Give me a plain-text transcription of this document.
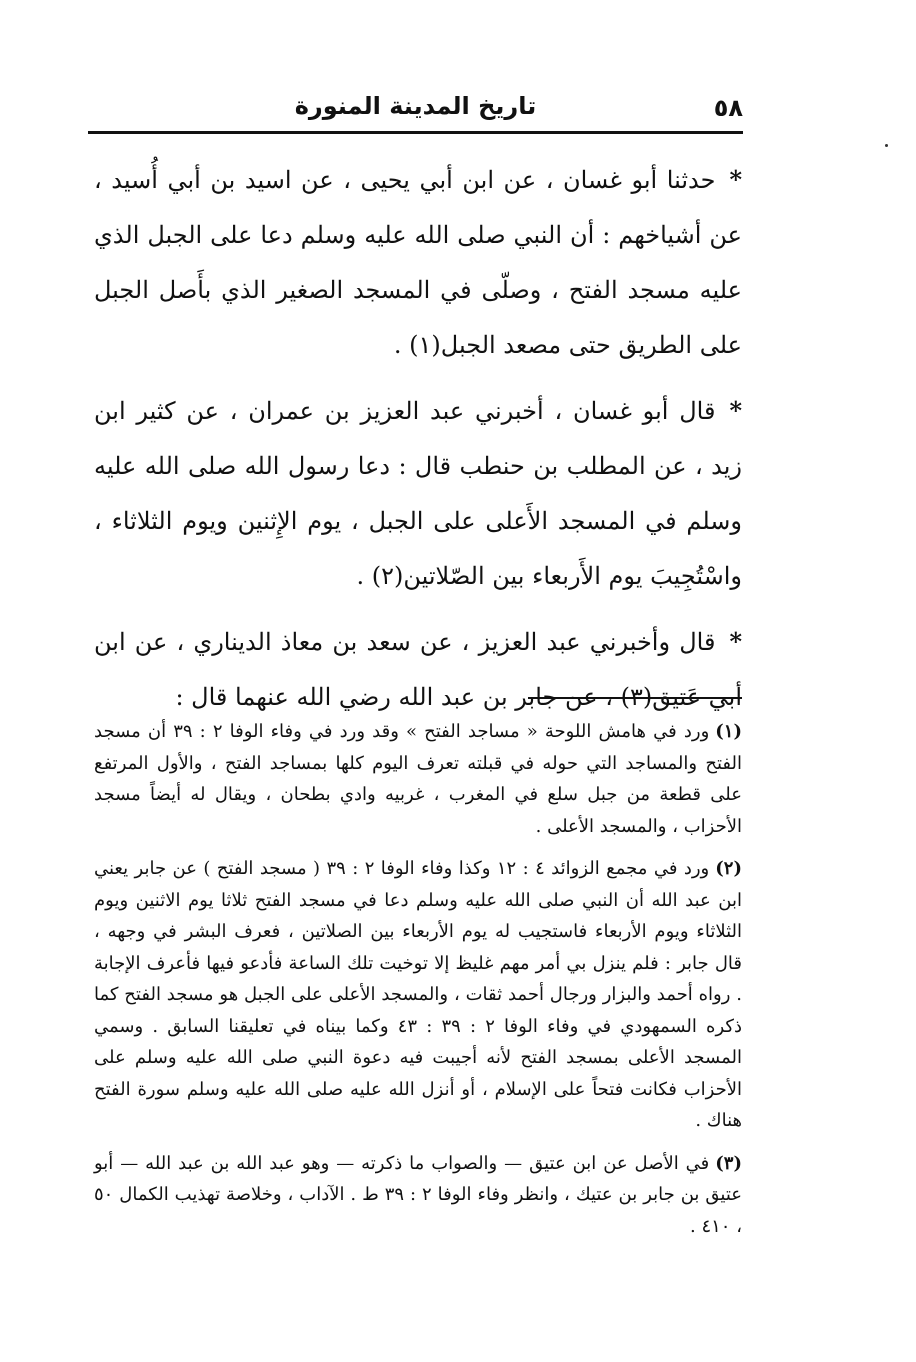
٥٨
تاريخ المدينة المنورة

*حدثنا أبو غسان ، عن ابن أبي يحيى ، عن اسيد بن أبي أُسيد ، عن أشياخهم : أن النبي صلى الله عليه وسلم دعا على الجبل الذي عليه مسجد الفتح ، وصلّى في المسجد الصغير الذي بأَصل الجبل على الطريق حتى مصعد الجبل(١) .

*قال أبو غسان ، أخبرني عبد العزيز بن عمران ، عن كثير ابن زيد ، عن المطلب بن حنطب قال : دعا رسول الله صلى الله عليه وسلم في المسجد الأَعلى على الجبل ، يوم الإِثنين ويوم الثلاثاء ، واسْتُجِيبَ يوم الأَربعاء بين الصّلاتين(٢) .

*قال وأخبرني عبد العزيز ، عن سعد بن معاذ الديناري ، عن ابن أبي عَتيق(٣) ، عن جابر بن عبد الله رضي الله عنهما قال :

(١)ورد في هامش اللوحة « مساجد الفتح » وقد ورد في وفاء الوفا ٢ : ٣٩ أن مسجد الفتح والمساجد التي حوله في قبلته تعرف اليوم كلها بمساجد الفتح ، والأول المرتفع على قطعة من جبل سلع في المغرب ، غربيه وادي بطحان ، ويقال له أيضاً مسجد الأحزاب ، والمسجد الأعلى .

(٢)ورد في مجمع الزوائد ٤ : ١٢ وكذا وفاء الوفا ٢ : ٣٩ ( مسجد الفتح ) عن جابر يعني ابن عبد الله أن النبي صلى الله عليه وسلم دعا في مسجد الفتح ثلاثا يوم الاثنين ويوم الثلاثاء ويوم الأربعاء فاستجيب له يوم الأربعاء بين الصلاتين ، فعرف البشر في وجهه ، قال جابر : فلم ينزل بي أمر مهم غليظ إلا توخيت تلك الساعة فأدعو فيها فأعرف الإجابة . رواه أحمد والبزار ورجال أحمد ثقات ، والمسجد الأعلى على الجبل هو مسجد الفتح كما ذكره السمهودي في وفاء الوفا ٢ : ٣٩ : ٤٣ وكما بيناه في تعليقنا السابق . وسمي المسجد الأعلى بمسجد الفتح لأنه أجيبت فيه دعوة النبي صلى الله عليه وسلم على الأحزاب فكانت فتحاً على الإسلام ، أو أنزل الله عليه صلى الله عليه وسلم سورة الفتح هناك .

(٣)في الأصل عن ابن عتيق — والصواب ما ذكرته — وهو عبد الله بن عبد الله — أبو عتيق بن جابر بن عتيك ، وانظر وفاء الوفا ٢ : ٣٩ ط . الآداب ، وخلاصة تهذيب الكمال ٥٠ ، ٤١٠ .
